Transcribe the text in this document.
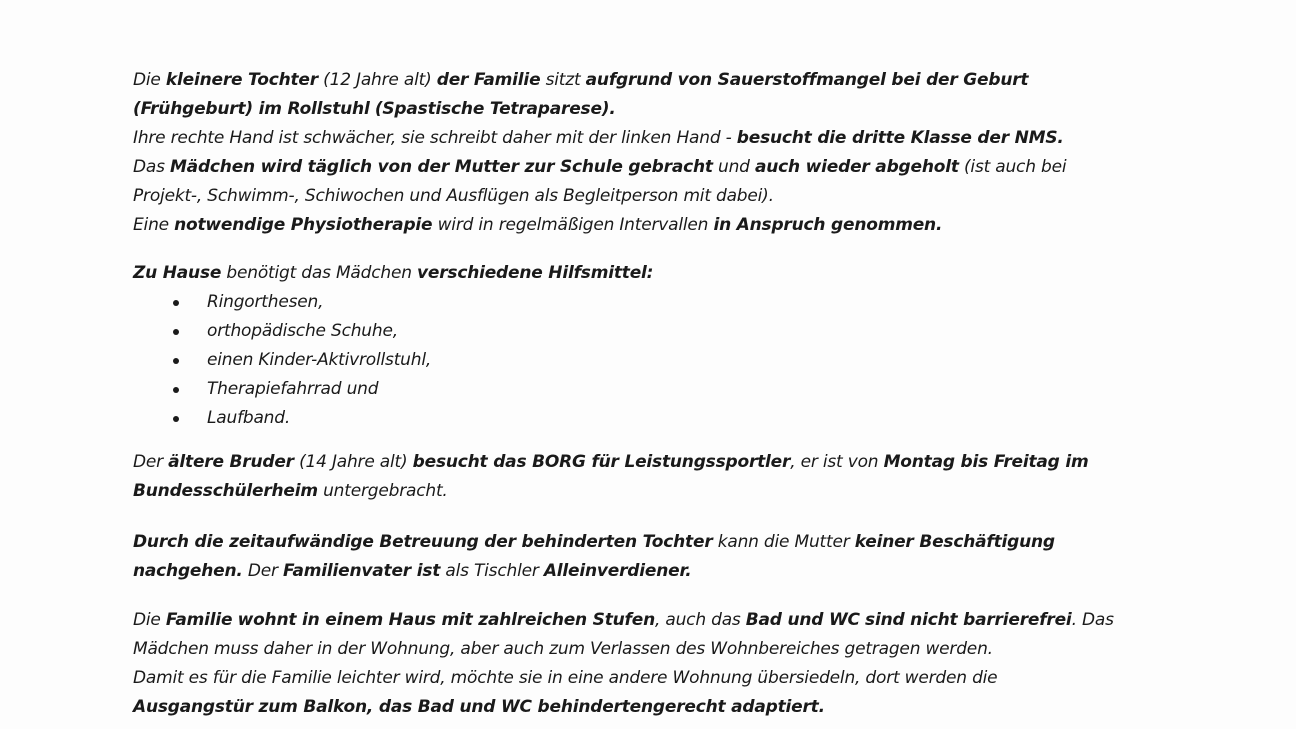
Die kleinere Tochter (12 Jahre alt) der Familie sitzt aufgrund von Sauerstoffmangel bei der Geburt
(Frühgeburt) im Rollstuhl (Spastische Tetraparese).
Ihre rechte Hand ist schwächer, sie schreibt daher mit der linken Hand - besucht die dritte Klasse der NMS.
Das Mädchen wird täglich von der Mutter zur Schule gebracht und auch wieder abgeholt (ist auch bei
Projekt-, Schwimm-, Schiwochen und Ausflügen als Begleitperson mit dabei).
Eine notwendige Physiotherapie wird in regelmäßigen Intervallen in Anspruch genommen.
Zu Hause benötigt das Mädchen verschiedene Hilfsmittel:
Ringorthesen,
orthopädische Schuhe,
einen Kinder-Aktivrollstuhl,
Therapiefahrrad und
Laufband.
Der ältere Bruder (14 Jahre alt) besucht das BORG für Leistungssportler, er ist von Montag bis Freitag im
Bundesschülerheim untergebracht.
Durch die zeitaufwändige Betreuung der behinderten Tochter kann die Mutter keiner Beschäftigung
nachgehen. Der Familienvater ist als Tischler Alleinverdiener.
Die Familie wohnt in einem Haus mit zahlreichen Stufen, auch das Bad und WC sind nicht barrierefrei. Das
Mädchen muss daher in der Wohnung, aber auch zum Verlassen des Wohnbereiches getragen werden.
Damit es für die Familie leichter wird, möchte sie in eine andere Wohnung übersiedeln, dort werden die
Ausgangstür zum Balkon, das Bad und WC behindertengerecht adaptiert.
